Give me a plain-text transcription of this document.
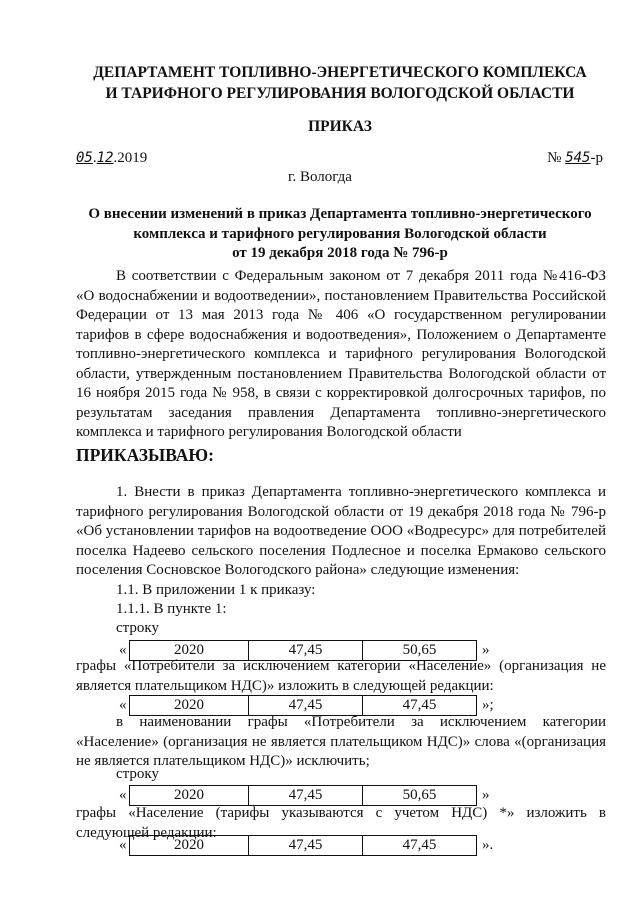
ДЕПАРТАМЕНТ ТОПЛИВНО-ЭНЕРГЕТИЧЕСКОГО КОМПЛЕКСА
И ТАРИФНОГО РЕГУЛИРОВАНИЯ ВОЛОГОДСКОЙ ОБЛАСТИ
ПРИКАЗ
05.12.2019	№ 545-р
г. Вологда
О внесении изменений в приказ Департамента топливно-энергетического
комплекса и тарифного регулирования Вологодской области
от 19 декабря 2018 года № 796-р
В соответствии с Федеральным законом от 7 декабря 2011 года №416-ФЗ «О водоснабжении и водоотведении», постановлением Правительства Российской Федерации от 13 мая 2013 года № 406 «О государственном регулировании тарифов в сфере водоснабжения и водоотведения», Положением о Департаменте топливно-энергетического комплекса и тарифного регулирования Вологодской области, утвержденным постановлением Правительства Вологодской области от 16 ноября 2015 года № 958, в связи с корректировкой долгосрочных тарифов, по результатам заседания правления Департамента топливно-энергетического комплекса и тарифного регулирования Вологодской области
ПРИКАЗЫВАЮ:
1. Внести в приказ Департамента топливно-энергетического комплекса и тарифного регулирования Вологодской области от 19 декабря 2018 года № 796-р «Об установлении тарифов на водоотведение ООО «Водресурс» для потребителей поселка Надеево сельского поселения Подлесное и поселка Ермаково сельского поселения Сосновское Вологодского района» следующие изменения:
1.1. В приложении 1 к приказу:
1.1.1. В пункте 1:
строку
«	2020	47,45	50,65	»
графы «Потребители за исключением категории «Население» (организация не является плательщиком НДС)» изложить в следующей редакции:
«	2020	47,45	47,45	»;
в наименовании графы «Потребители за исключением категории «Население» (организация не является плательщиком НДС)» слова «(организация не является плательщиком НДС)» исключить;
строку
«	2020	47,45	50,65	»
графы «Население (тарифы указываются с учетом НДС) *» изложить в следующей редакции:
«	2020	47,45	47,45	».
